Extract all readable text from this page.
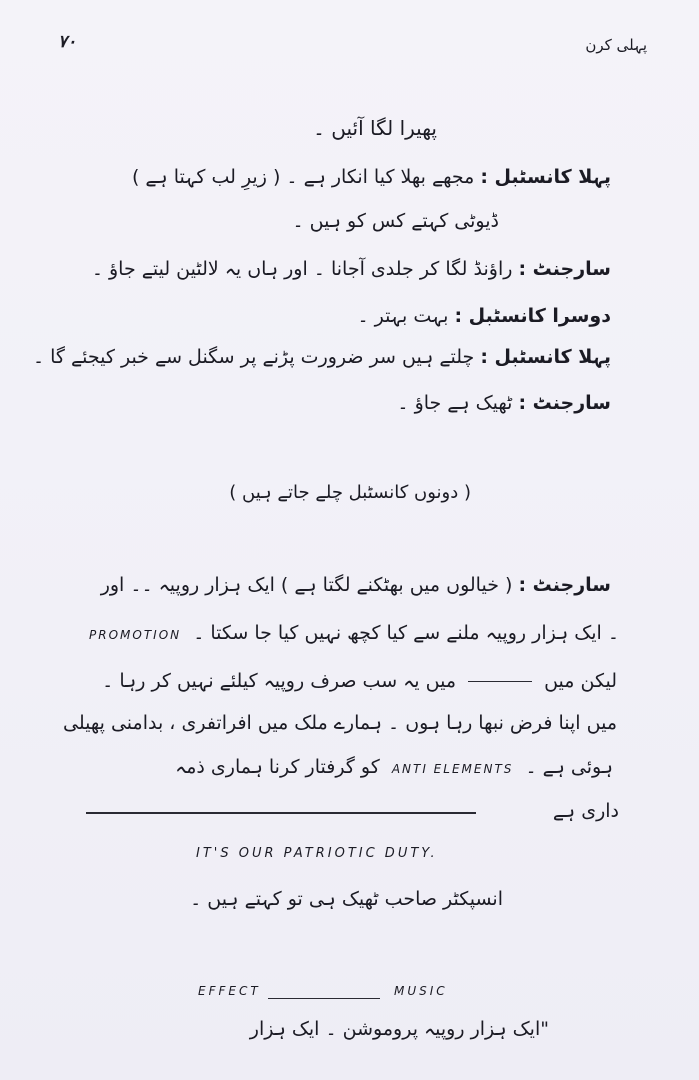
٧٠	پہلی کرن
پھیرا لگا آئیں ۔
پہلا کانسٹبل : مجھے بھلا کیا انکار ہے ۔ ( زیرِ لب کہتا ہے )
ڈیوٹی کہتے کس کو ہیں ۔
سارجنٹ : راؤنڈ لگا کر جلدی آجانا ۔ اور ہاں یہ لالٹین لیتے جاؤ ۔
دوسرا کانسٹبل : بہت بہتر ۔
پہلا کانسٹبل : چلتے ہیں سر ضرورت پڑنے پر سگنل سے خبر کیجئے گا ۔
سارجنٹ : ٹھیک ہے جاؤ ۔
( دونوں کانسٹبل چلے جاتے ہیں )
سارجنٹ : ( خیالوں میں بھٹکنے لگتا ہے ) ایک ہزار روپیہ ۔۔ اور
۔ ایک ہزار روپیہ ملنے سے کیا کچھ نہیں کیا جا سکتا ۔ PROMOTION
لیکن میں  میں یہ سب صرف روپیہ کیلئے نہیں کر رہا ۔
میں اپنا فرض نبھا رہا ہوں ۔ ہمارے ملک میں افراتفری ، بدامنی پھیلی
ہوئی ہے ۔ ANTI ELEMENTS کو گرفتار کرنا ہماری ذمہ
داری ہے
IT'S OUR PATRIOTIC DUTY.
انسپکٹر صاحب ٹھیک ہی تو کہتے ہیں ۔
EFFECT	MUSIC
"ایک ہزار روپیہ پروموشن ۔ ایک ہزار
